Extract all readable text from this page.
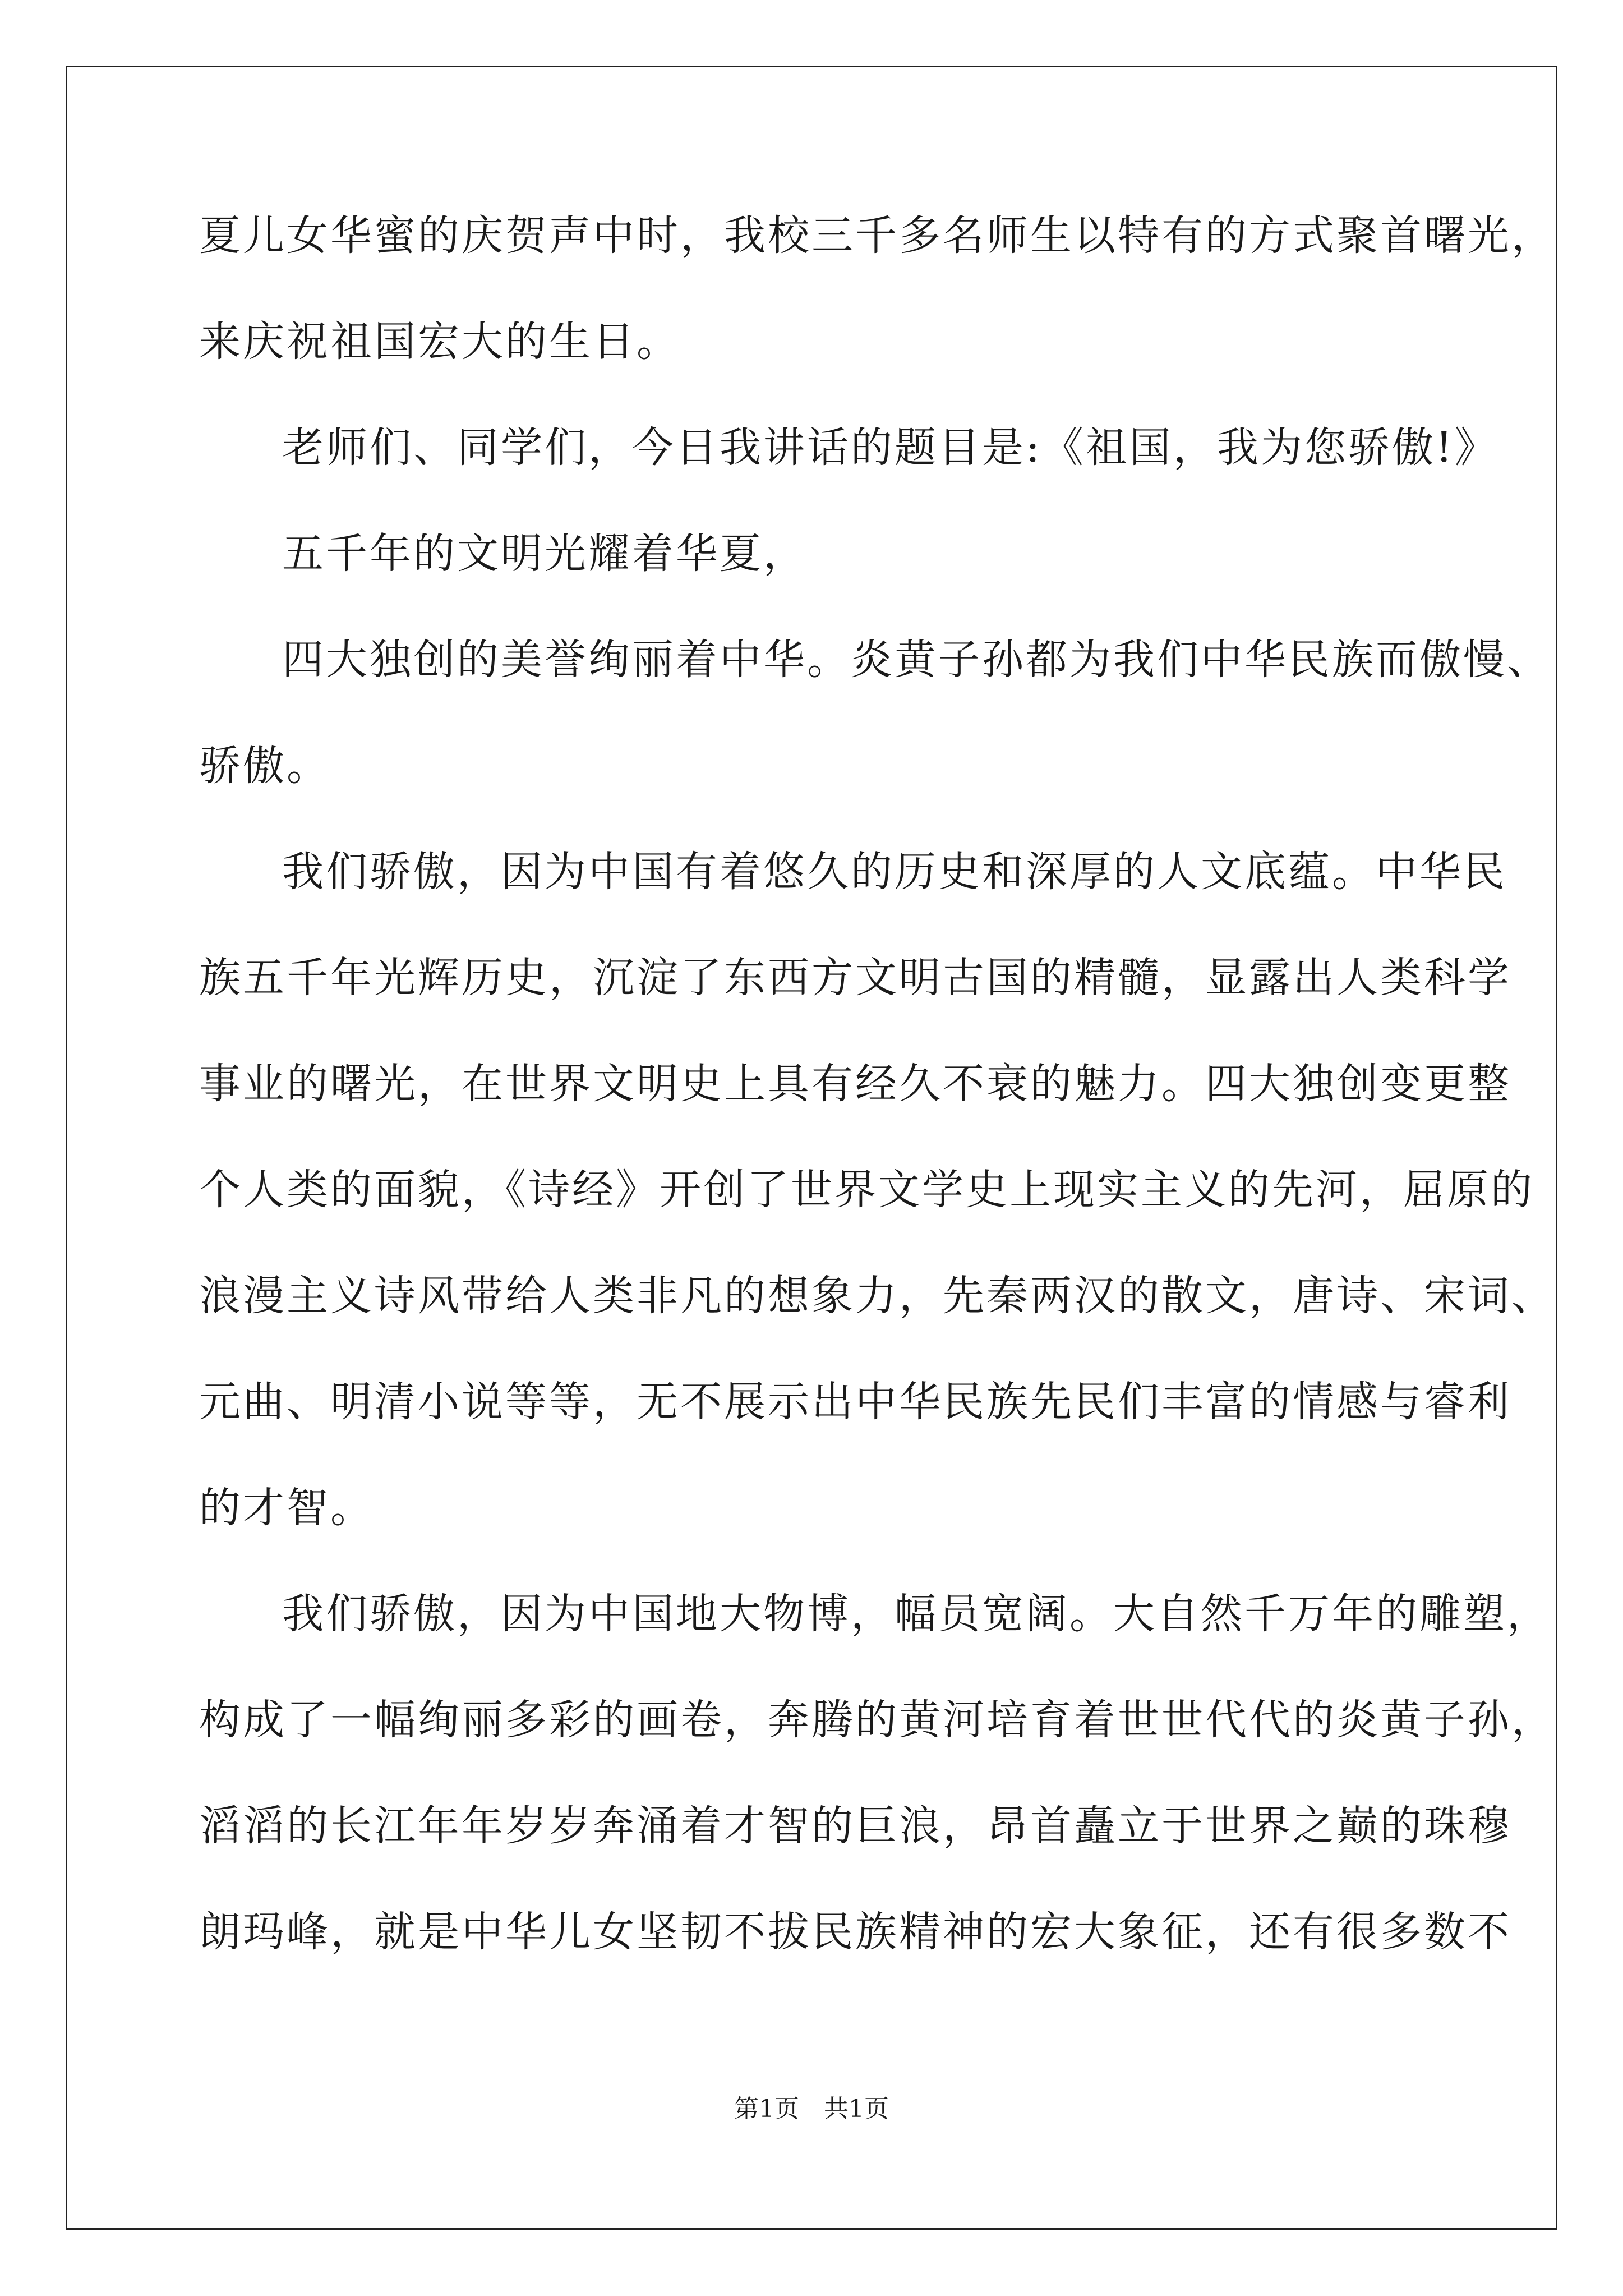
夏儿女华蜜的庆贺声中时，我校三千多名师生以特有的方式聚首曙光，
来庆祝祖国宏大的生日。
老师们、同学们，今日我讲话的题目是:《祖国，我为您骄傲!》
五千年的文明光耀着华夏，
四大独创的美誉绚丽着中华。炎黄子孙都为我们中华民族而傲慢、
骄傲。
我们骄傲，因为中国有着悠久的历史和深厚的人文底蕴。中华民
族五千年光辉历史，沉淀了东西方文明古国的精髓，显露出人类科学
事业的曙光，在世界文明史上具有经久不衰的魅力。四大独创变更整
个人类的面貌，《诗经》开创了世界文学史上现实主义的先河，屈原的
浪漫主义诗风带给人类非凡的想象力，先秦两汉的散文，唐诗、宋词、
元曲、明清小说等等，无不展示出中华民族先民们丰富的情感与睿利
的才智。
我们骄傲，因为中国地大物博，幅员宽阔。大自然千万年的雕塑，
构成了一幅绚丽多彩的画卷，奔腾的黄河培育着世世代代的炎黄子孙，
滔滔的长江年年岁岁奔涌着才智的巨浪，昂首矗立于世界之巅的珠穆
朗玛峰，就是中华儿女坚韧不拔民族精神的宏大象征，还有很多数不
第1页　共1页
